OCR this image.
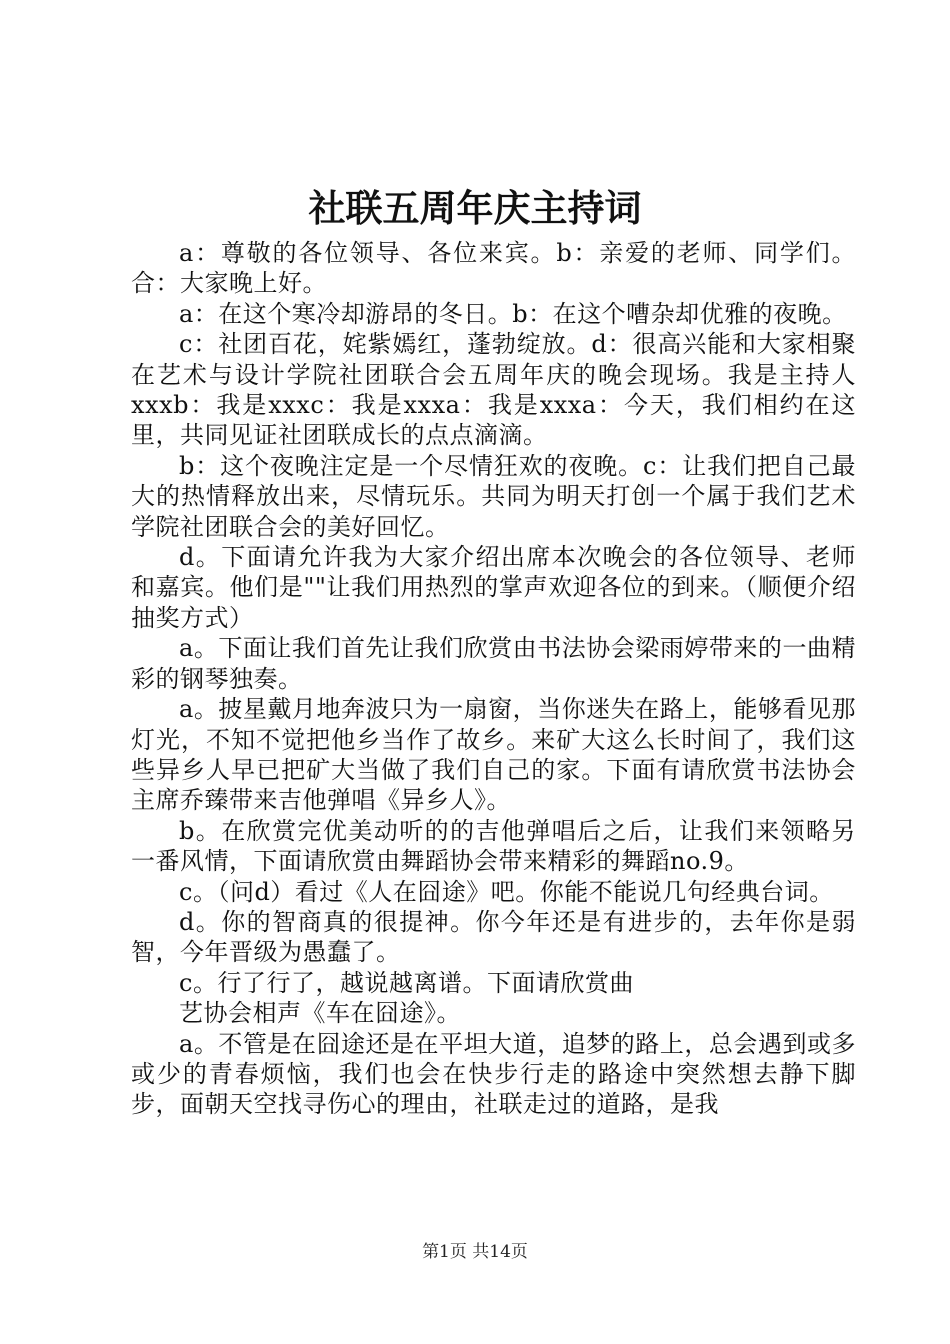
社联五周年庆主持词

a：尊敬的各位领导、各位来宾。b：亲爱的老师、同学们。合：大家晚上好。

a：在这个寒冷却游昂的冬日。b：在这个嘈杂却优雅的夜晚。

c：社团百花，姹紫嫣红，蓬勃绽放。d：很高兴能和大家相聚在艺术与设计学院社团联合会五周年庆的晚会现场。我是主持人xxxb：我是xxxc：我是xxxa：我是xxxa：今天，我们相约在这里，共同见证社团联成长的点点滴滴。

b：这个夜晚注定是一个尽情狂欢的夜晚。c：让我们把自己最大的热情释放出来，尽情玩乐。共同为明天打创一个属于我们艺术学院社团联合会的美好回忆。

d。下面请允许我为大家介绍出席本次晚会的各位领导、老师和嘉宾。他们是""让我们用热烈的掌声欢迎各位的到来。（顺便介绍抽奖方式）

a。下面让我们首先让我们欣赏由书法协会梁雨婷带来的一曲精彩的钢琴独奏。

a。披星戴月地奔波只为一扇窗，当你迷失在路上，能够看见那灯光，不知不觉把他乡当作了故乡。来矿大这么长时间了，我们这些异乡人早已把矿大当做了我们自己的家。下面有请欣赏书法协会主席乔臻带来吉他弹唱《异乡人》。

b。在欣赏完优美动听的的吉他弹唱后之后，让我们来领略另一番风情，下面请欣赏由舞蹈协会带来精彩的舞蹈no.9。

c。（问d）看过《人在囧途》吧。你能不能说几句经典台词。

d。你的智商真的很提神。你今年还是有进步的，去年你是弱智，今年晋级为愚蠢了。

c。行了行了，越说越离谱。下面请欣赏曲

艺协会相声《车在囧途》。

a。不管是在囧途还是在平坦大道，追梦的路上，总会遇到或多或少的青春烦恼，我们也会在快步行走的路途中突然想去静下脚步，面朝天空找寻伤心的理由，社联走过的道路，是我

第1页 共14页
